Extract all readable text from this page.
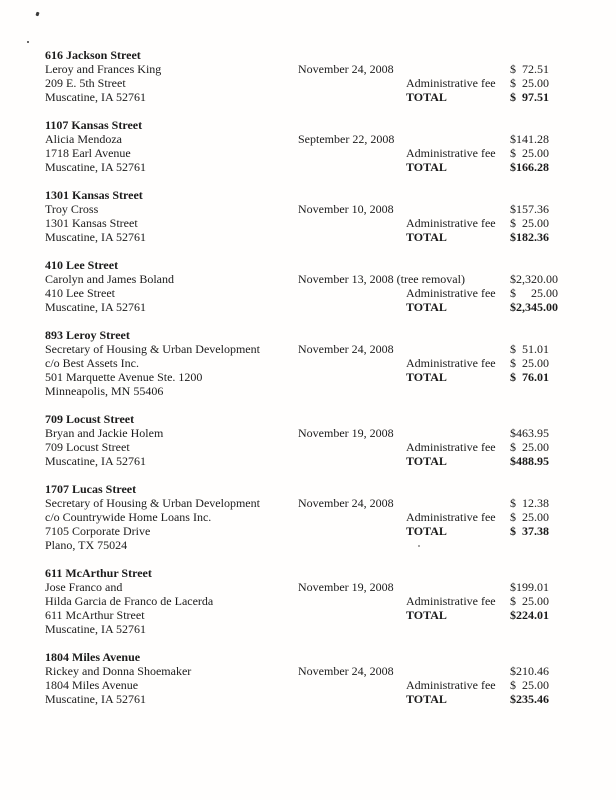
616 Jackson Street
Leroy and Frances King	November 24, 2008	$  72.51
209 E. 5th Street	Administrative fee	$  25.00
Muscatine, IA 52761	TOTAL	$  97.51
1107 Kansas Street
Alicia Mendoza	September 22, 2008	$141.28
1718 Earl Avenue	Administrative fee	$  25.00
Muscatine, IA 52761	TOTAL	$166.28
1301 Kansas Street
Troy Cross	November 10, 2008	$157.36
1301 Kansas Street	Administrative fee	$  25.00
Muscatine, IA 52761	TOTAL	$182.36
410 Lee Street
Carolyn and James Boland	November 13, 2008 (tree removal)	$2,320.00
410 Lee Street	Administrative fee	$     25.00
Muscatine, IA 52761	TOTAL	$2,345.00
893 Leroy Street
Secretary of Housing & Urban Development	November 24, 2008	$  51.01
c/o Best Assets Inc.	Administrative fee	$  25.00
501 Marquette Avenue Ste. 1200	TOTAL	$  76.01
Minneapolis, MN 55406
709 Locust Street
Bryan and Jackie Holem	November 19, 2008	$463.95
709 Locust Street	Administrative fee	$  25.00
Muscatine, IA 52761	TOTAL	$488.95
1707 Lucas Street
Secretary of Housing & Urban Development	November 24, 2008	$  12.38
c/o Countrywide Home Loans Inc.	Administrative fee	$  25.00
7105 Corporate Drive	TOTAL	$  37.38
Plano, TX 75024
611 McArthur Street
Jose Franco and	November 19, 2008	$199.01
Hilda Garcia de Franco de Lacerda	Administrative fee	$  25.00
611 McArthur Street	TOTAL	$224.01
Muscatine, IA 52761
1804 Miles Avenue
Rickey and Donna Shoemaker	November 24, 2008	$210.46
1804 Miles Avenue	Administrative fee	$  25.00
Muscatine, IA 52761	TOTAL	$235.46
